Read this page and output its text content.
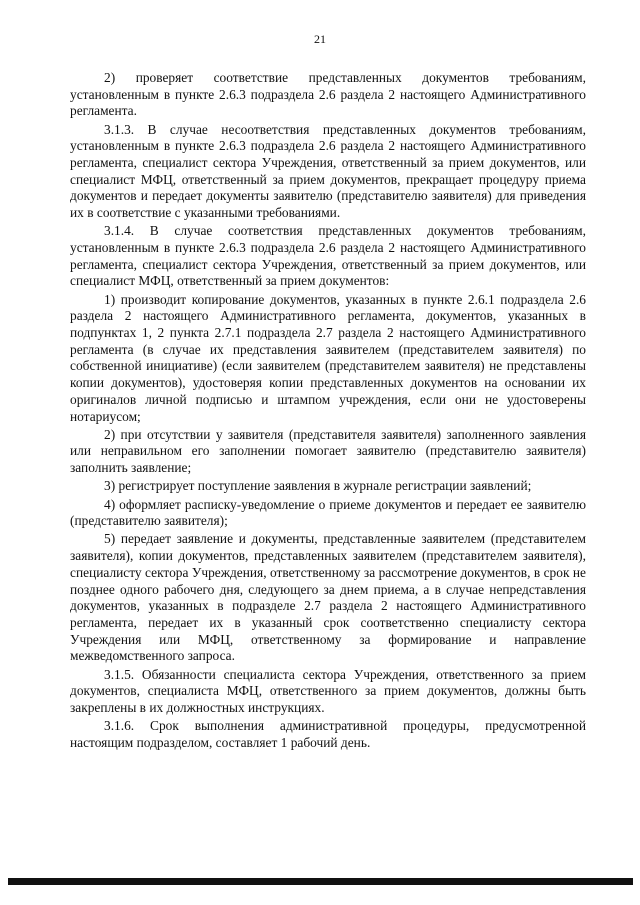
21

2) проверяет соответствие представленных документов требованиям, установленным в пункте 2.6.3 подраздела 2.6 раздела 2 настоящего Административного регламента.

3.1.3. В случае несоответствия представленных документов требованиям, установленным в пункте 2.6.3 подраздела 2.6 раздела 2 настоящего Административного регламента, специалист сектора Учреждения, ответственный за прием документов, или специалист МФЦ, ответственный за прием документов, прекращает процедуру приема документов и передает документы заявителю (представителю заявителя) для приведения их в соответствие с указанными требованиями.

3.1.4. В случае соответствия представленных документов требованиям, установленным в пункте 2.6.3 подраздела 2.6 раздела 2 настоящего Административного регламента, специалист сектора Учреждения, ответственный за прием документов, или специалист МФЦ, ответственный за прием документов:

1) производит копирование документов, указанных в пункте 2.6.1 подраздела 2.6 раздела 2 настоящего Административного регламента, документов, указанных в подпунктах 1, 2 пункта 2.7.1 подраздела 2.7 раздела 2 настоящего Административного регламента (в случае их представления заявителем (представителем заявителя) по собственной инициативе) (если заявителем (представителем заявителя) не представлены копии документов), удостоверяя копии представленных документов на основании их оригиналов личной подписью и штампом учреждения, если они не удостоверены нотариусом;

2) при отсутствии у заявителя (представителя заявителя) заполненного заявления или неправильном его заполнении помогает заявителю (представителю заявителя) заполнить заявление;

3) регистрирует поступление заявления в журнале регистрации заявлений;

4) оформляет расписку-уведомление о приеме документов и передает ее заявителю (представителю заявителя);

5) передает заявление и документы, представленные заявителем (представителем заявителя), копии документов, представленных заявителем (представителем заявителя), специалисту сектора Учреждения, ответственному за рассмотрение документов, в срок не позднее одного рабочего дня, следующего за днем приема, а в случае непредставления документов, указанных в подразделе 2.7 раздела 2 настоящего Административного регламента, передает их в указанный срок соответственно специалисту сектора Учреждения или МФЦ, ответственному за формирование и направление межведомственного запроса.

3.1.5. Обязанности специалиста сектора Учреждения, ответственного за прием документов, специалиста МФЦ, ответственного за прием документов, должны быть закреплены в их должностных инструкциях.

3.1.6. Срок выполнения административной процедуры, предусмотренной настоящим подразделом, составляет 1 рабочий день.
